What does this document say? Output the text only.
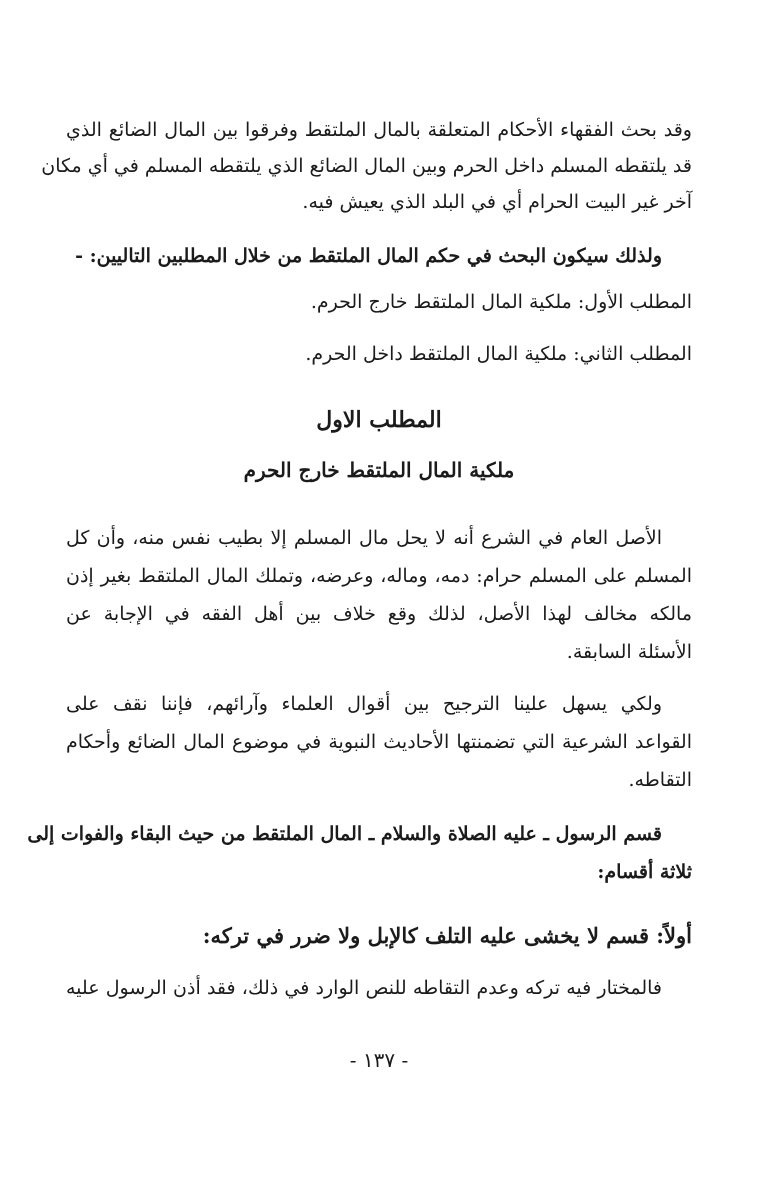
وقد بحث الفقهاء الأحكام المتعلقة بالمال الملتقط وفرقوا بين المال الضائع الذي
قد يلتقطه المسلم داخل الحرم وبين المال الضائع الذي يلتقطه المسلم في أي مكان
آخر غير البيت الحرام أي في البلد الذي يعيش فيه.
ولذلك سيكون البحث في حكم المال الملتقط من خلال المطلبين التاليين: -
المطلب الأول: ملكية المال الملتقط خارج الحرم.
المطلب الثاني: ملكية المال الملتقط داخل الحرم.
المطلب الاول
ملكية المال الملتقط خارج الحرم
الأصل العام في الشرع أنه لا يحل مال المسلم إلا بطيب نفس منه، وأن كل
المسلم على المسلم حرام: دمه، وماله، وعرضه، وتملك المال الملتقط بغير إذن
مالكه مخالف لهذا الأصل، لذلك وقع خلاف بين أهل الفقه في الإجابة عن
الأسئلة السابقة.
ولكي يسهل علينا الترجيح بين أقوال العلماء وآرائهم، فإننا نقف على
القواعد الشرعية التي تضمنتها الأحاديث النبوية في موضوع المال الضائع وأحكام
التقاطه.
قسم الرسول ـ عليه الصلاة والسلام ـ المال الملتقط من حيث البقاء والفوات إلى
ثلاثة أقسام:
أولاً: قسم لا يخشى عليه التلف كالإبل ولا ضرر في تركه:
فالمختار فيه تركه وعدم التقاطه للنص الوارد في ذلك، فقد أذن الرسول عليه
- ١٣٧ -
